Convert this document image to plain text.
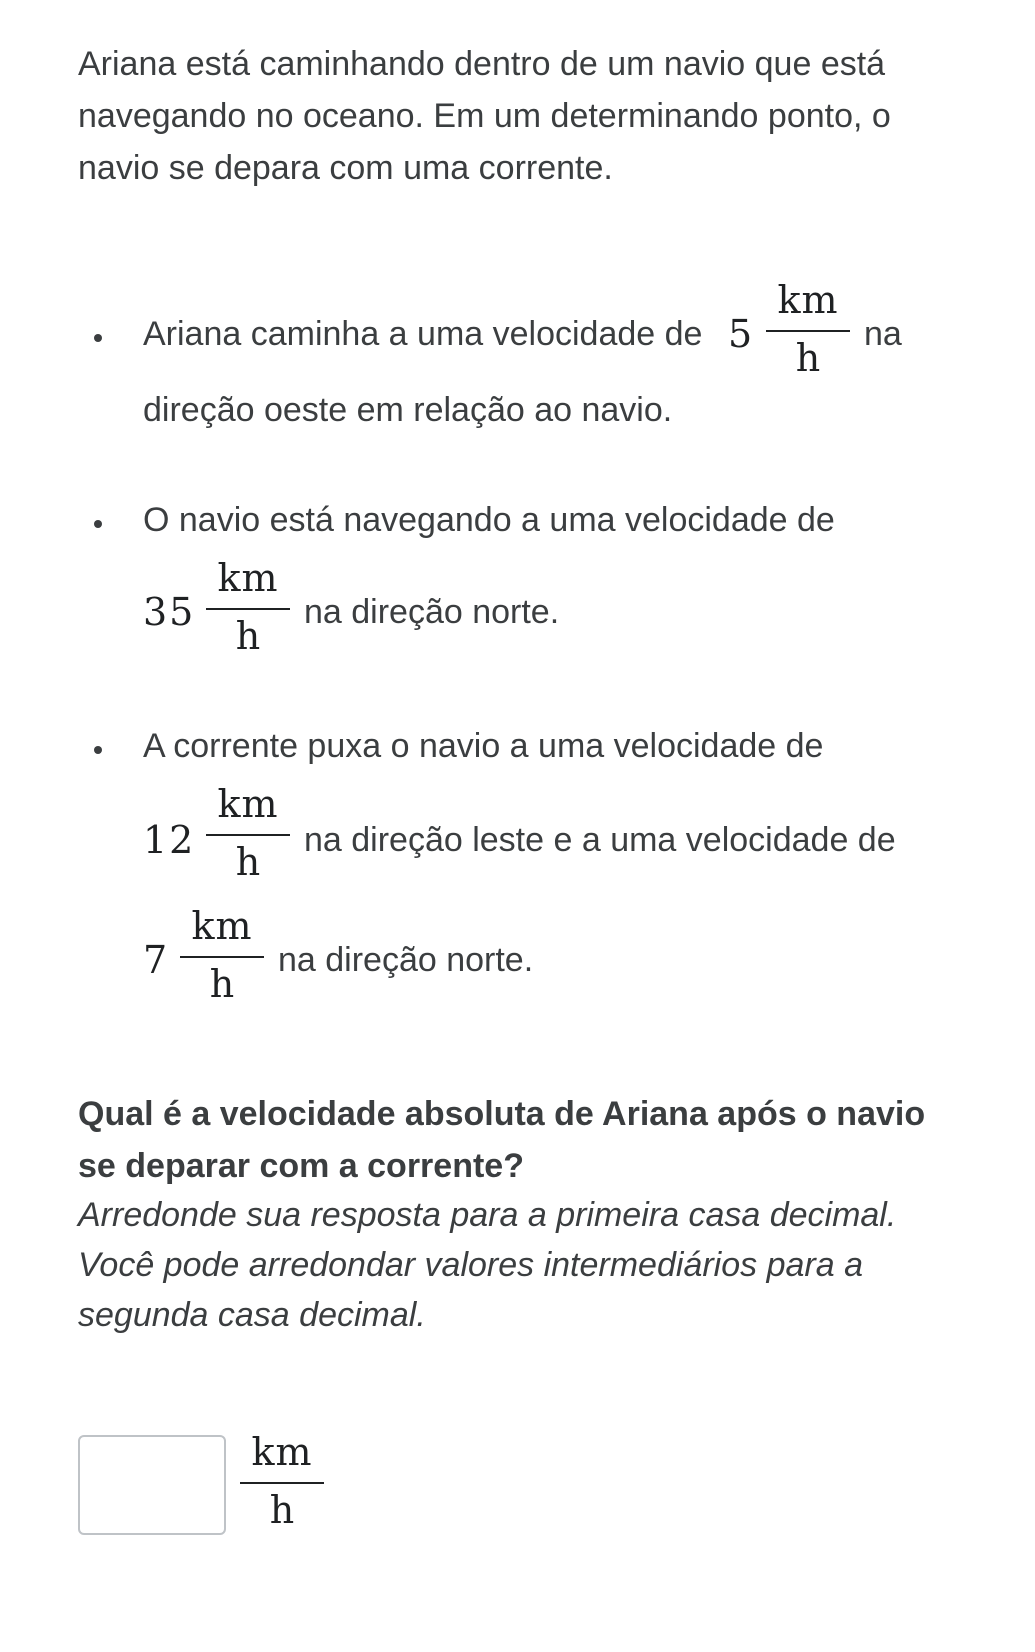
Ariana está caminhando dentro de um navio que está navegando no oceano. Em um determinando ponto, o navio se depara com uma corrente.

Ariana caminha a uma velocidade de 5
km
h
na
direção oeste em relação ao navio.
O navio está navegando a uma velocidade de
35
km
h
na direção norte.
A corrente puxa o navio a uma velocidade de
12
km
h	na direção leste e a uma velocidade de
7
km
h
na direção norte.

Qual é a velocidade absoluta de Ariana após o navio se deparar com a corrente?

Arredonde sua resposta para a primeira casa decimal. Você pode arredondar valores intermediários para a segunda casa decimal.

km
h
